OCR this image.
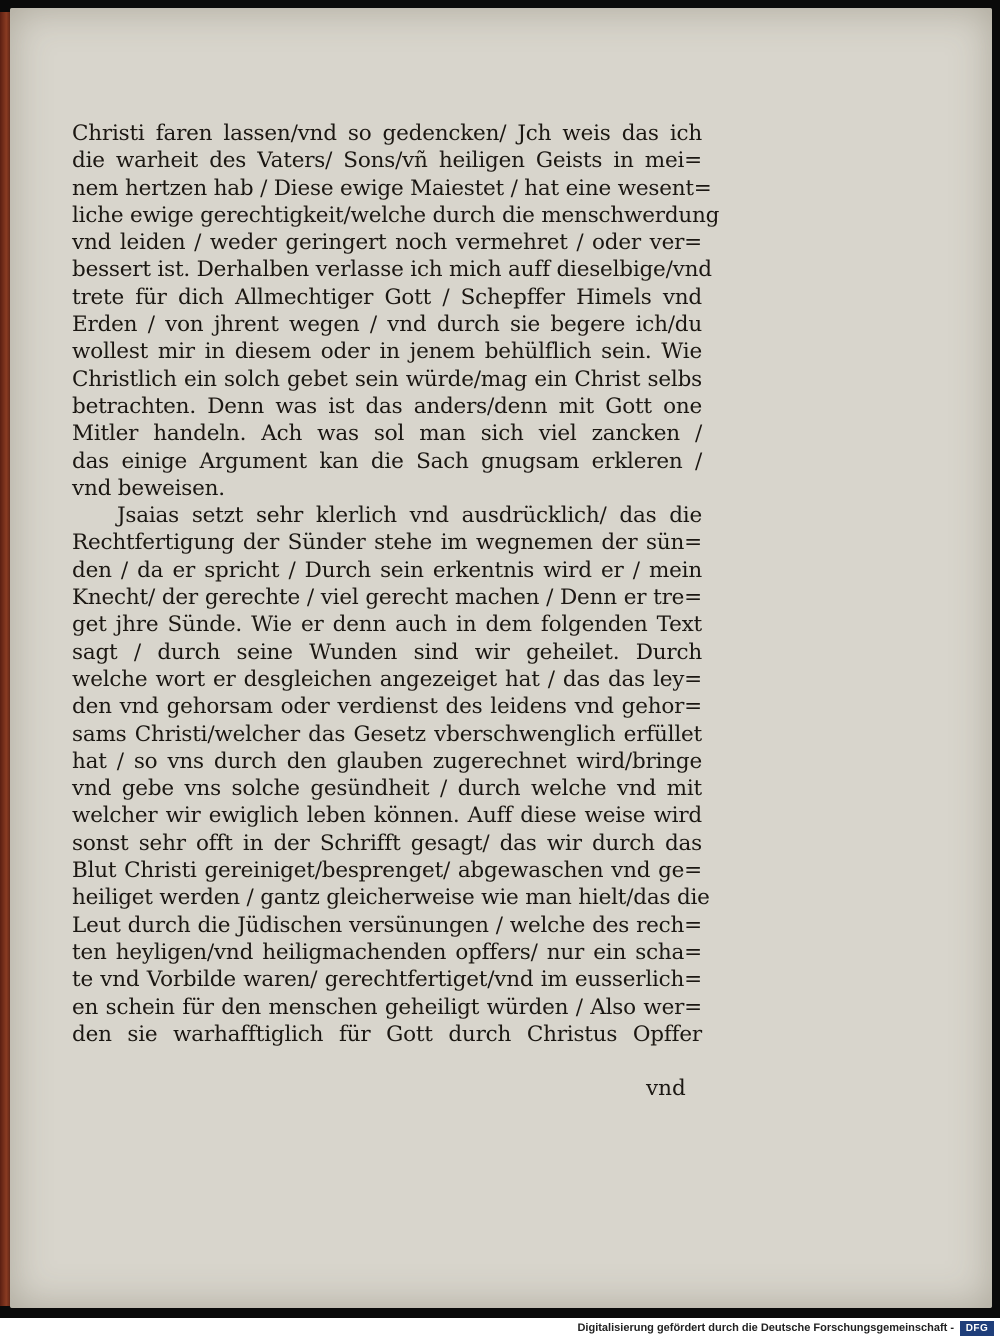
Christi faren lassen/vnd so gedencken/ Jch weis das ich
die warheit des Vaters/ Sons/vñ heiligen Geists in mei=
nem hertzen hab / Diese ewige Maiestet / hat eine wesent=
liche ewige gerechtigkeit/welche durch die menschwerdung
vnd leiden / weder geringert noch vermehret / oder ver=
bessert ist. Derhalben verlasse ich mich auff dieselbige/vnd
trete für dich Allmechtiger Gott / Schepffer Himels vnd
Erden / von jhrent wegen / vnd durch sie begere ich/du
wollest mir in diesem oder in jenem behülflich sein. Wie
Christlich ein solch gebet sein würde/mag ein Christ selbs
betrachten. Denn was ist das anders/denn mit Gott one
Mitler handeln. Ach was sol man sich viel zancken /
das einige Argument kan die Sach gnugsam erkleren /
vnd beweisen.
Jsaias setzt sehr klerlich vnd ausdrücklich/ das die
Rechtfertigung der Sünder stehe im wegnemen der sün=
den / da er spricht / Durch sein erkentnis wird er / mein
Knecht/ der gerechte / viel gerecht machen / Denn er tre=
get jhre Sünde. Wie er denn auch in dem folgenden Text
sagt / durch seine Wunden sind wir geheilet. Durch
welche wort er desgleichen angezeiget hat / das das ley=
den vnd gehorsam oder verdienst des leidens vnd gehor=
sams Christi/welcher das Gesetz vberschwenglich erfüllet
hat / so vns durch den glauben zugerechnet wird/bringe
vnd gebe vns solche gesündheit / durch welche vnd mit
welcher wir ewiglich leben können. Auff diese weise wird
sonst sehr offt in der Schrifft gesagt/ das wir durch das
Blut Christi gereiniget/besprenget/ abgewaschen vnd ge=
heiliget werden / gantz gleicherweise wie man hielt/das die
Leut durch die Jüdischen versünungen / welche des rech=
ten heyligen/vnd heiligmachenden opffers/ nur ein scha=
te vnd Vorbilde waren/ gerechtfertiget/vnd im eusserlich=
en schein für den menschen geheiligt würden / Also wer=
den sie warhafftiglich für Gott durch Christus Opffer
vnd
Digitalisierung gefördert durch die Deutsche Forschungsgemeinschaft -	DFG
